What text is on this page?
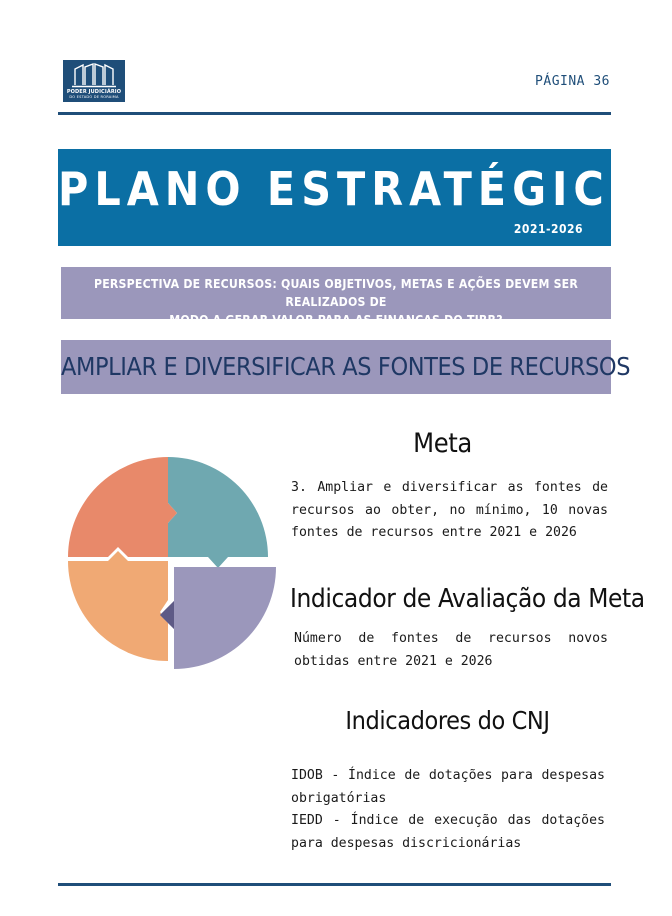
PODER JUDICIÁRIO
DO ESTADO DE RORAIMA
PÁGINA 36
PLANO ESTRATÉGICO
2021-2026
PERSPECTIVA DE RECURSOS: QUAIS OBJETIVOS, METAS E AÇÕES DEVEM SER REALIZADOS DE
MODO A GERAR VALOR PARA AS FINANÇAS DO TJRR?
AMPLIAR E DIVERSIFICAR AS FONTES DE RECURSOS
Meta
3. Ampliar e diversificar as fontes de recursos ao obter, no mínimo, 10 novas fontes de recursos entre 2021 e 2026
Indicador de Avaliação da Meta
Número de fontes de recursos novos obtidas entre 2021 e 2026
Indicadores do CNJ

IDOB - Índice de dotações para despesas obrigatórias

IEDD - Índice de execução das dotações para despesas discricionárias
